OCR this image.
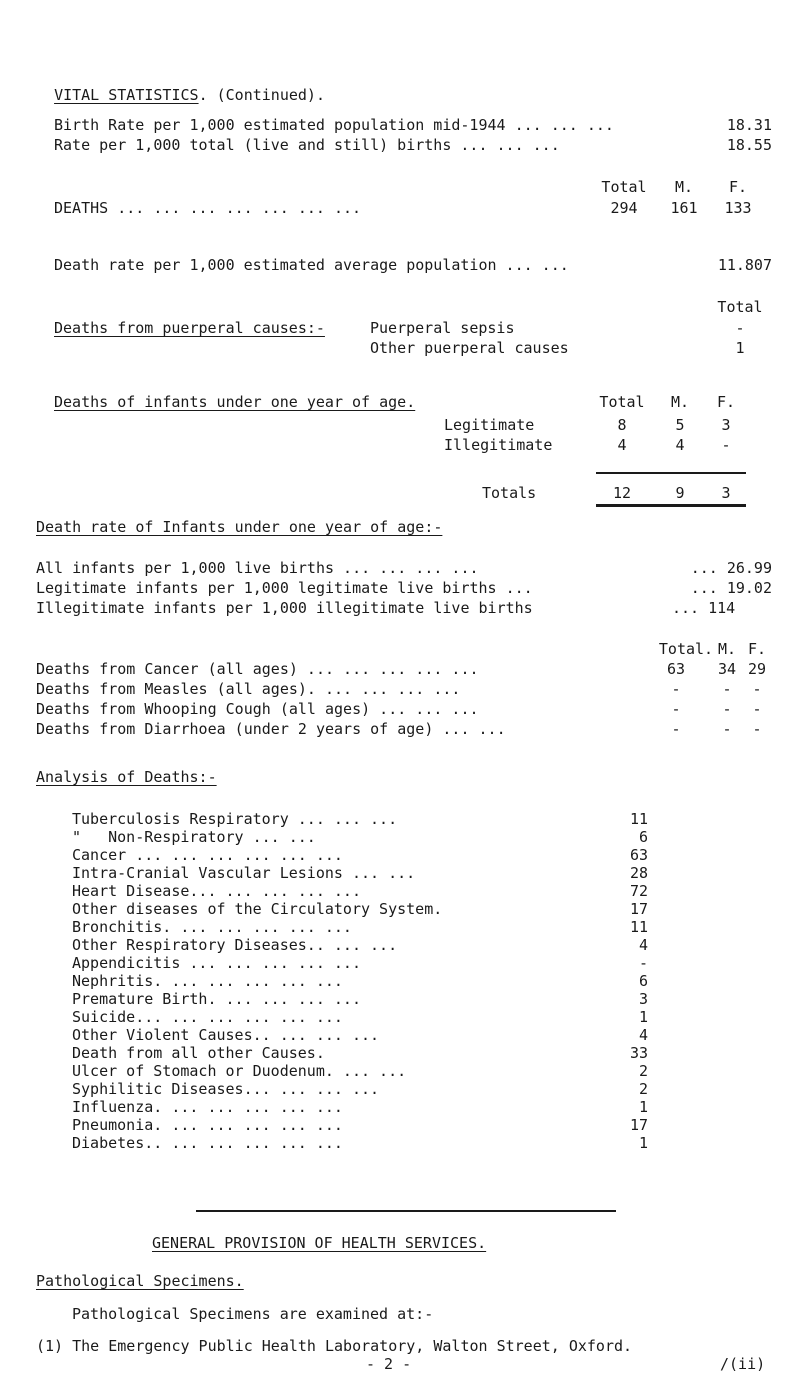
VITAL STATISTICS. (Continued).

Birth Rate per 1,000 estimated population mid-1944 ... ... ...	18.31
Rate per 1,000 total (live and still) births ... ... ...	18.55
Total	M.	F.
DEATHS ... ... ... ... ... ... ...	294	161	133
Death rate per 1,000 estimated average population ... ...	11.807
Total
Deaths from puerperal causes:-	Puerperal sepsis	-
Other puerperal causes	1
Deaths of infants under one year of age.	Total	M.	F.
Legitimate	8	5	3
Illegitimate	4	4	-
Totals	12	9	3
Death rate of Infants under one year of age:-
All infants per 1,000 live births ... ... ... ...	... 26.99
Legitimate infants per 1,000 legitimate live births ...	... 19.02
Illegitimate infants per 1,000 illegitimate live births	... 114
Total. M. F.
Deaths from Cancer (all ages) ... ... ... ... ...	63	34 29
Deaths from Measles (all ages). ... ... ... ...	-	-	-
Deaths from Whooping Cough (all ages) ... ... ...	-	-	-
Deaths from Diarrhoea (under 2 years of age) ... ...	-	-	-
Analysis of Deaths:-
Tuberculosis Respiratory ... ... ...	11
"   Non-Respiratory ... ...	6
Cancer ... ... ... ... ... ...	63
Intra-Cranial Vascular Lesions ... ...	28
Heart Disease... ... ... ... ...	72
Other diseases of the Circulatory System.	17
Bronchitis. ... ... ... ... ...	11
Other Respiratory Diseases.. ... ...	4
Appendicitis ... ... ... ... ...	-
Nephritis. ... ... ... ... ...	6
Premature Birth. ... ... ... ...	3
Suicide... ... ... ... ... ...	1
Other Violent Causes.. ... ... ...	4
Death from all other Causes.	33
Ulcer of Stomach or Duodenum. ... ...	2
Syphilitic Diseases... ... ... ...	2
Influenza. ... ... ... ... ...	1
Pneumonia. ... ... ... ... ...	17
Diabetes.. ... ... ... ... ...	1
GENERAL PROVISION OF HEALTH SERVICES.
Pathological Specimens.
Pathological Specimens are examined at:-
(1) The Emergency Public Health Laboratory, Walton Street, Oxford.
- 2 -	/(ii)
